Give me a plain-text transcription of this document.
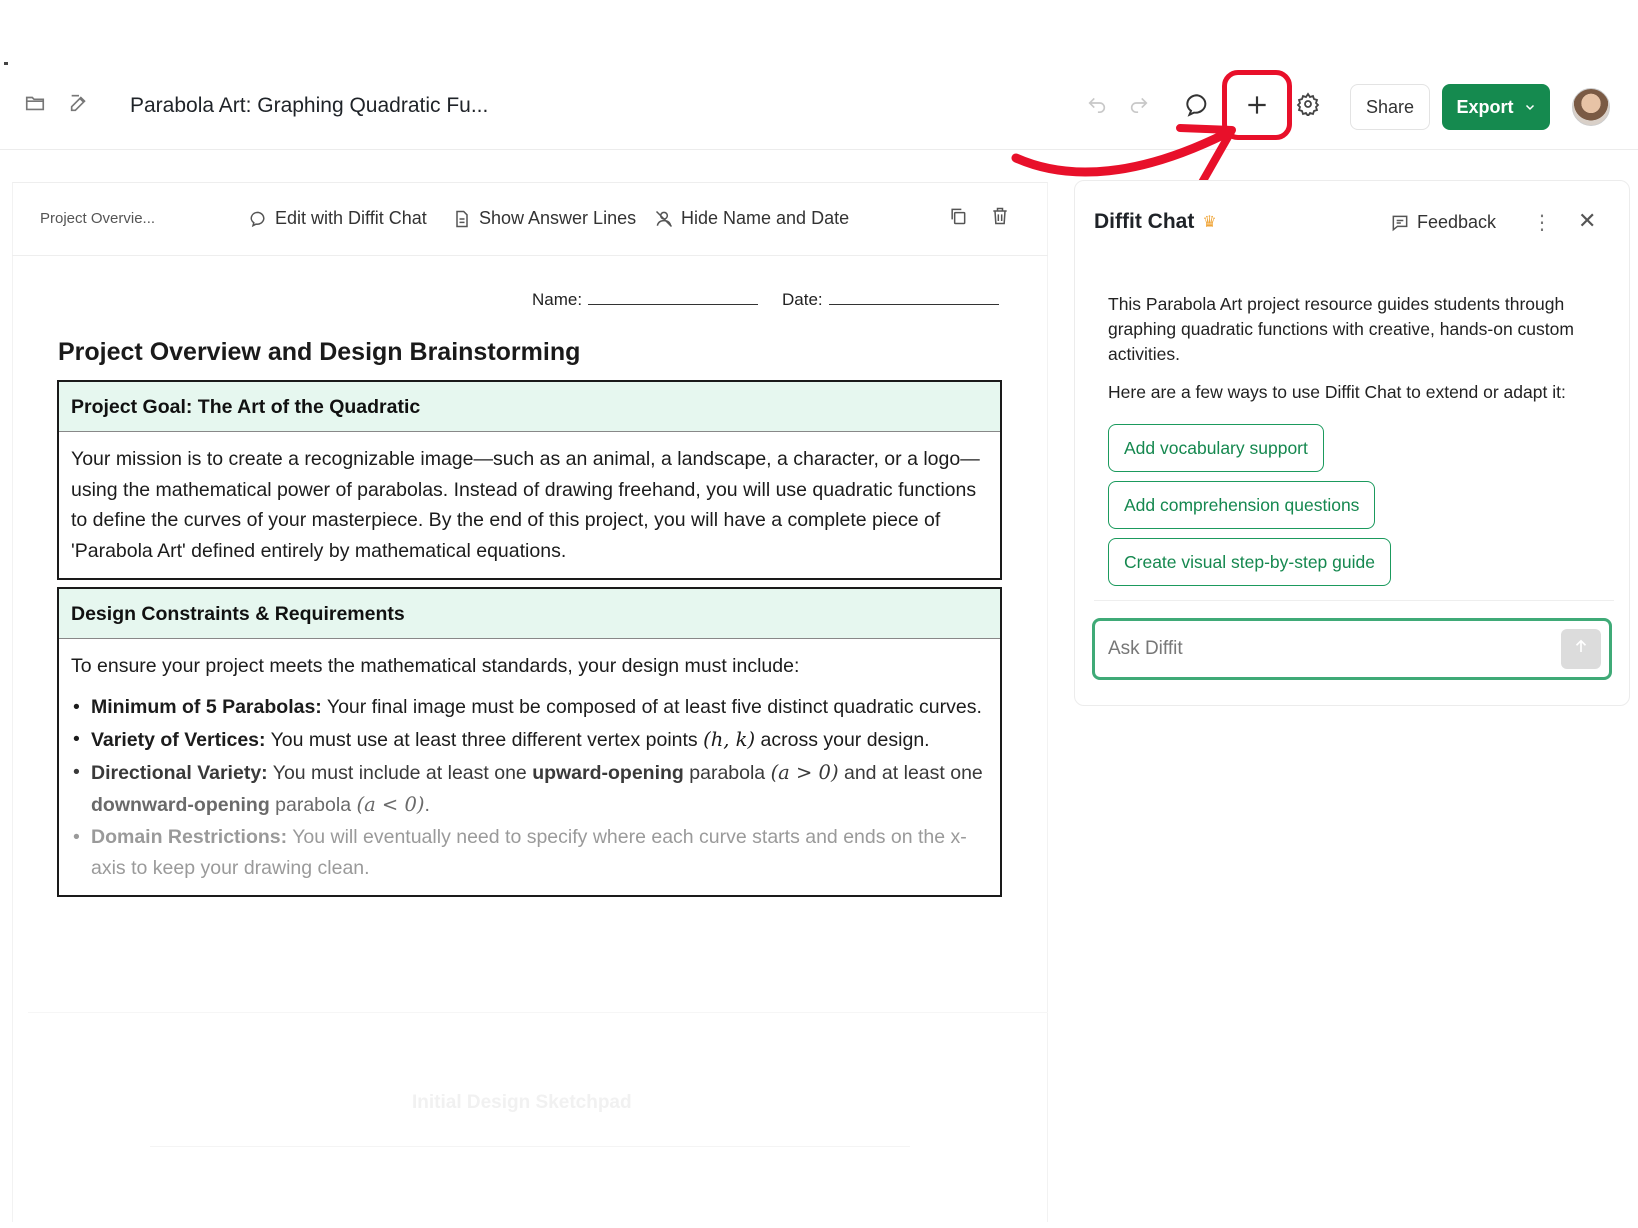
Parabola Art: Graphing Quadratic Fu...	Share	Export
Project Overvie...	Edit with Diffit Chat	Show Answer Lines Hide Name and Date
Name:	Date:
Project Overview and Design Brainstorming
Project Goal: The Art of the Quadratic

Your mission is to create a recognizable image—such as an animal, a landscape, a character, or a logo—using the mathematical power of parabolas. Instead of drawing freehand, you will use quadratic functions to define the curves of your masterpiece. By the end of this project, you will have a complete piece of 'Parabola Art' defined entirely by mathematical equations.

Design Constraints & Requirements

To ensure your project meets the mathematical standards, your design must include:

• Minimum of 5 Parabolas: Your final image must be composed of at least five distinct quadratic curves.
• Variety of Vertices: You must use at least three different vertex points (h, k) across your design.
• Directional Variety: You must include at least one upward-opening parabola (a > 0) and at least one downward-opening parabola (a < 0).
• Domain Restrictions: You will eventually need to specify where each curve starts and ends on the x-axis to keep your drawing clean.
Initial Design Sketchpad
Diffit Chat ♛	Feedback ⋮ ✕
This Parabola Art project resource guides students through graphing quadratic functions with creative, hands-on custom activities.
Here are a few ways to use Diffit Chat to extend or adapt it:
Add vocabulary support
Add comprehension questions
Create visual step-by-step guide
Ask Diffit
